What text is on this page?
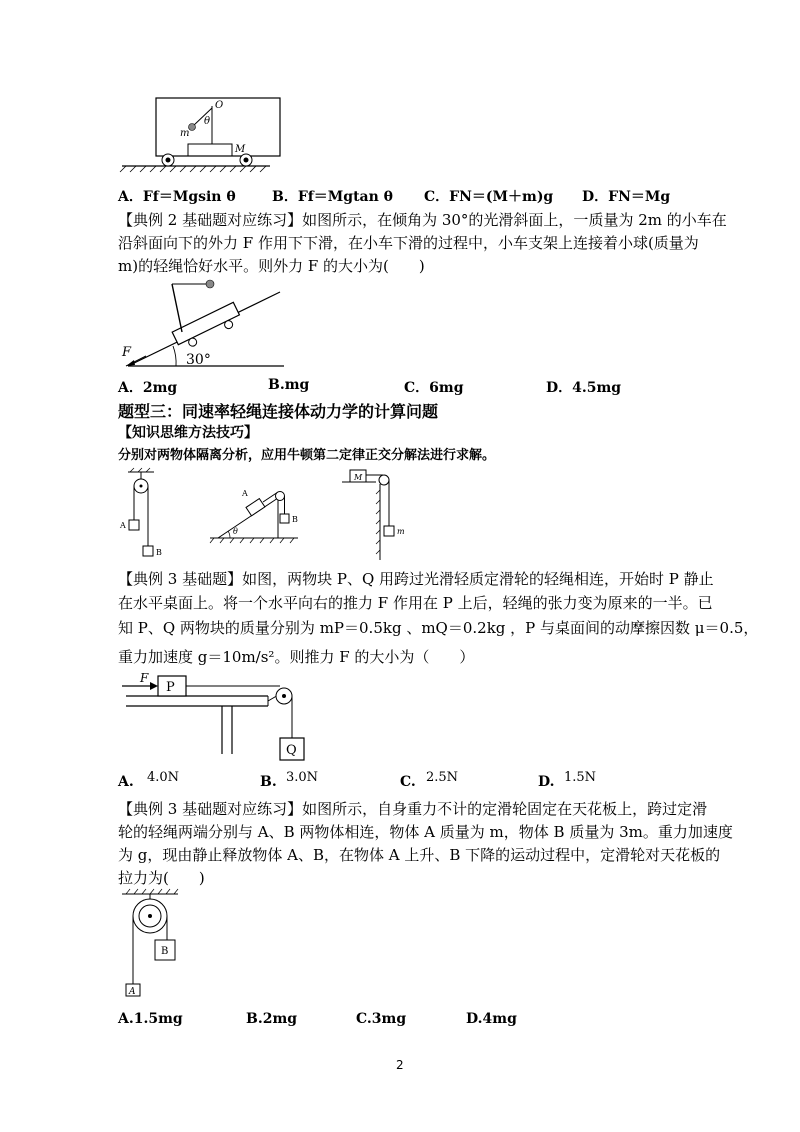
O
θ
m
M
A．Ff＝Mgsin θ	B．Ff＝Mgtan θ C．FN＝(M＋m)g D．FN＝Mg
【典例 2 基础题对应练习】如图所示，在倾角为 30°的光滑斜面上，一质量为 2m 的小车在
沿斜面向下的外力 F 作用下下滑，在小车下滑的过程中，小车支架上连接着小球(质量为
m)的轻绳恰好水平。则外力 F 的大小为(　　)
F	30°
A．2mg	B.mg	C．6mg	D．4.5mg
题型三：同速率轻绳连接体动力学的计算问题
【知识思维方法技巧】
分别对两物体隔离分析，应用牛顿第二定律正交分解法进行求解。
A
B
A
θ
B
M
m
【典例 3 基础题】如图，两物块 P、Q 用跨过光滑轻质定滑轮的轻绳相连，开始时 P 静止
在水平桌面上。将一个水平向右的推力 F 作用在 P 上后，轻绳的张力变为原来的一半。已
知 P、Q 两物块的质量分别为 mP＝0.5kg 、mQ＝0.2kg ，P 与桌面间的动摩擦因数 μ＝0.5，
重力加速度 g＝10m/s²。则推力 F 的大小为（　　）
F
P
Q
A. 4.0N	B. 3.0N	C. 2.5N	D. 1.5N
【典例 3 基础题对应练习】如图所示，自身重力不计的定滑轮固定在天花板上，跨过定滑
轮的轻绳两端分别与 A、B 两物体相连，物体 A 质量为 m，物体 B 质量为 3m。重力加速度
为 g，现由静止释放物体 A、B，在物体 A 上升、B 下降的运动过程中，定滑轮对天花板的
拉力为(　　)
B
A
A.1.5mg	B.2mg	C.3mg	D.4mg
2
